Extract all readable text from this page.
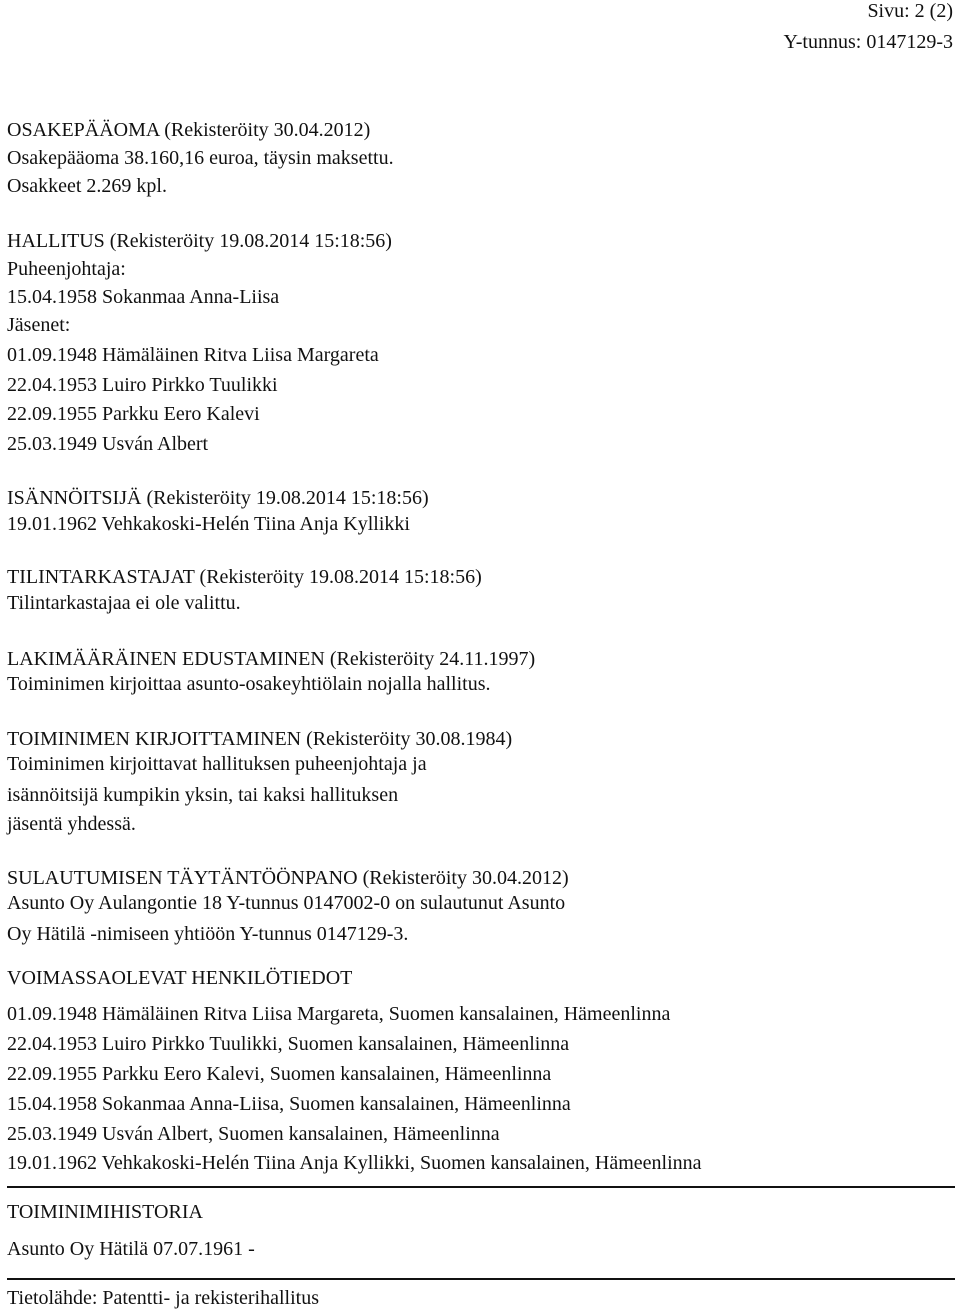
Sivu: 2 (2)
Y-tunnus: 0147129-3
OSAKEPÄÄOMA (Rekisteröity 30.04.2012)
Osakepääoma 38.160,16 euroa, täysin maksettu.
Osakkeet 2.269 kpl.
HALLITUS (Rekisteröity 19.08.2014 15:18:56)
Puheenjohtaja:
15.04.1958 Sokanmaa Anna-Liisa
Jäsenet:
01.09.1948 Hämäläinen Ritva Liisa Margareta
22.04.1953 Luiro Pirkko Tuulikki
22.09.1955 Parkku Eero Kalevi
25.03.1949 Usván Albert
ISÄNNÖITSIJÄ (Rekisteröity 19.08.2014 15:18:56)
19.01.1962 Vehkakoski-Helén Tiina Anja Kyllikki
TILINTARKASTAJAT (Rekisteröity 19.08.2014 15:18:56)
Tilintarkastajaa ei ole valittu.
LAKIMÄÄRÄINEN EDUSTAMINEN (Rekisteröity 24.11.1997)
Toiminimen kirjoittaa asunto-osakeyhtiölain nojalla hallitus.
TOIMINIMEN KIRJOITTAMINEN (Rekisteröity 30.08.1984)
Toiminimen kirjoittavat hallituksen puheenjohtaja ja
isännöitsijä kumpikin yksin, tai kaksi hallituksen
jäsentä yhdessä.
SULAUTUMISEN TÄYTÄNTÖÖNPANO (Rekisteröity 30.04.2012)
Asunto Oy Aulangontie 18 Y-tunnus 0147002-0 on sulautunut Asunto
Oy Hätilä -nimiseen yhtiöön Y-tunnus 0147129-3.
VOIMASSAOLEVAT HENKILÖTIEDOT
01.09.1948 Hämäläinen Ritva Liisa Margareta, Suomen kansalainen, Hämeenlinna
22.04.1953 Luiro Pirkko Tuulikki, Suomen kansalainen, Hämeenlinna
22.09.1955 Parkku Eero Kalevi, Suomen kansalainen, Hämeenlinna
15.04.1958 Sokanmaa Anna-Liisa, Suomen kansalainen, Hämeenlinna
25.03.1949 Usván Albert, Suomen kansalainen, Hämeenlinna
19.01.1962 Vehkakoski-Helén Tiina Anja Kyllikki, Suomen kansalainen, Hämeenlinna
TOIMINIMIHISTORIA
Asunto Oy Hätilä 07.07.1961 -
Tietolähde: Patentti- ja rekisterihallitus
